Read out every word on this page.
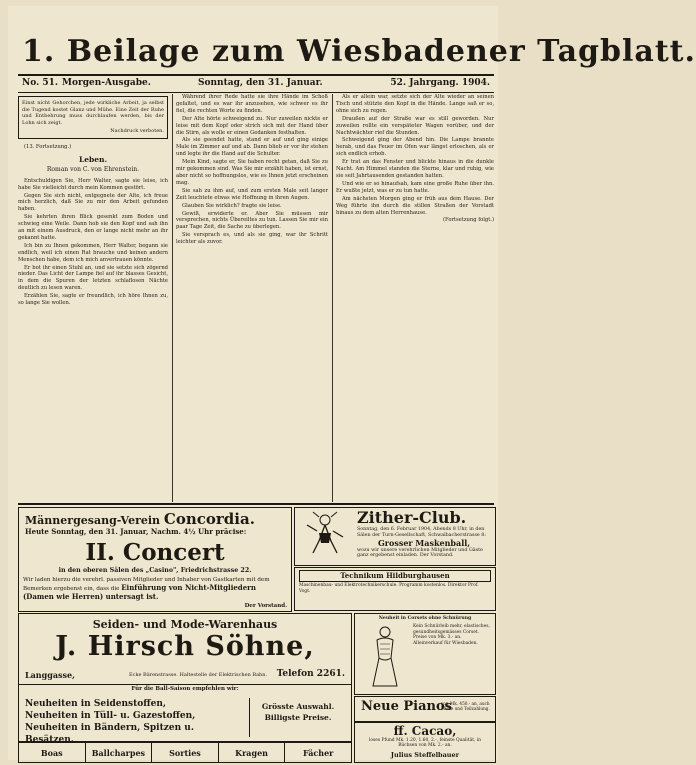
1. Beilage zum Wiesbadener Tagblatt.
No. 51. Morgen-Ausgabe.	Sonntag, den 31. Januar.	52. Jahrgang. 1904.

Einst nicht Gehorchen, jede wirkliche Arbeit, ja selbst die Tugend kostet Glanz und Mühe. Eine Zeit der Ruhe und Entbehrung muss durchlaufen werden, bis der Lohn sich zeigt.

Nachdruck verboten.

(13. Fortsetzung.)

Leben.
Roman von C. von Ehrenstein.

Entschuldigen Sie, Herr Walter, sagte sie leise, ich habe Sie vielleicht durch mein Kommen gestört.

Gegen Sie sich nicht, entgegnete der Alte, ich freue mich herzlich, daß Sie zu mir den Arbeit gefunden haben.

Sie kehrten ihren Blick gesenkt zum Boden und schwieg eine Weile. Dann hob sie den Kopf und sah ihn an mit einem Ausdruck, den er lange nicht mehr an ihr gekannt hatte.

Ich bin zu Ihnen gekommen, Herr Walter, begann sie endlich, weil ich einen Rat brauche und keinen andern Menschen habe, dem ich mich anvertrauen könnte.

Er bot ihr einen Stuhl an, und sie setzte sich zögernd nieder. Das Licht der Lampe fiel auf ihr blasses Gesicht, in dem die Spuren der letzten schlaflosen Nächte deutlich zu lesen waren.

Erzählen Sie, sagte er freundlich, ich höre Ihnen zu, so lange Sie wollen.

Während ihrer Rede hatte sie ihre Hände im Schoß gefaltet, und es war ihr anzusehen, wie schwer es ihr fiel, die rechten Worte zu finden.

Der Alte hörte schweigend zu. Nur zuweilen nickte er leise mit dem Kopf oder strich sich mit der Hand über die Stirn, als wolle er einen Gedanken festhalten.

Als sie geendet hatte, stand er auf und ging einige Male im Zimmer auf und ab. Dann blieb er vor ihr stehen und legte ihr die Hand auf die Schulter.

Mein Kind, sagte er, Sie haben recht getan, daß Sie zu mir gekommen sind. Was Sie mir erzählt haben, ist ernst, aber nicht so hoffnungslos, wie es Ihnen jetzt erscheinen mag.

Sie sah zu ihm auf, und zum ersten Male seit langer Zeit leuchtete etwas wie Hoffnung in ihren Augen.

Glauben Sie wirklich? fragte sie leise.

Gewiß, erwiderte er. Aber Sie müssen mir versprechen, nichts Übereiltes zu tun. Lassen Sie mir ein paar Tage Zeit, die Sache zu überlegen.

Sie versprach es, und als sie ging, war ihr Schritt leichter als zuvor.

Als er allein war, setzte sich der Alte wieder an seinen Tisch und stützte den Kopf in die Hände. Lange saß er so, ohne sich zu regen.

Draußen auf der Straße war es still geworden. Nur zuweilen rollte ein verspäteter Wagen vorüber, und der Nachtwächter rief die Stunden.

Schweigend ging der Abend hin. Die Lampe brannte herab, und das Feuer im Ofen war längst erloschen, als er sich endlich erhob.

Er trat an das Fenster und blickte hinaus in die dunkle Nacht. Am Himmel standen die Sterne, klar und ruhig, wie sie seit Jahrtausenden gestanden hatten.

Und wie er so hinaufsah, kam eine große Ruhe über ihn. Er wußte jetzt, was er zu tun hatte.

Am nächsten Morgen ging er früh aus dem Hause. Der Weg führte ihn durch die stillen Straßen der Vorstadt hinaus zu dem alten Herrenhause.

(Fortsetzung folgt.)

Männergesang-Verein Concordia.
Heute Sonntag, den 31. Januar, Nachm. 4½ Uhr präcise:
II. Concert
in den oberen Sälen des „Casino", Friedrichstrasse 22.
Wir laden hierzu die verehrl. passiven Mitglieder und Inhaber von Gastkarten mit dem Bemerken ergebenst ein, dass die Einführung von Nicht-Mitgliedern (Damen wie Herren) untersagt ist.
Der Vorstand.
Zither-Club.
Sonntag, den 6. Februar 1904, Abends 8 Uhr, in den Sälen der Turn-Gesellschaft, Schwalbacherstrasse 8:
Grosser Maskenball,
wozu wir unsere verehrlichen Mitglieder und Gäste ganz ergebenst einladen. Der Vorstand.
Technikum Hildburghausen
Maschinenbau- und Elektrotechnikerschule. Programm kostenlos. Direktor Prof. Vogt.
Seiden- und Mode-Warenhaus
J. Hirsch Söhne,
Langgasse,	Ecke Bärenstrasse. Haltestelle der Elektrischen Bahn. Telefon 2261.
Für die Ball-Saison empfehlen wir:
Neuheiten in Seidenstoffen,
Neuheiten in Tüll- u. Gazestoffen,
Neuheiten in Bändern, Spitzen u. Besätzen.
Grösste Auswahl.
Billigste Preise.
Boas	Ballcharpes	Sorties	Kragen	Fächer
Neuheit in Corsets ohne Schnürung
Kein Schnürleib mehr, elastisches, gesundheitsgemässes Corset. Preise von Mk. 3.- an. Alleinverkauf für Wiesbaden.
Neue Pianos
von Mk. 450.- an, auch Miete und Teilzahlung.
ff. Cacao,
loses Pfund Mk. 1.20, 1.60, 2.-, feinste Qualität, in Büchsen von Mk. 2.- an.
Julius Steffelbauer
